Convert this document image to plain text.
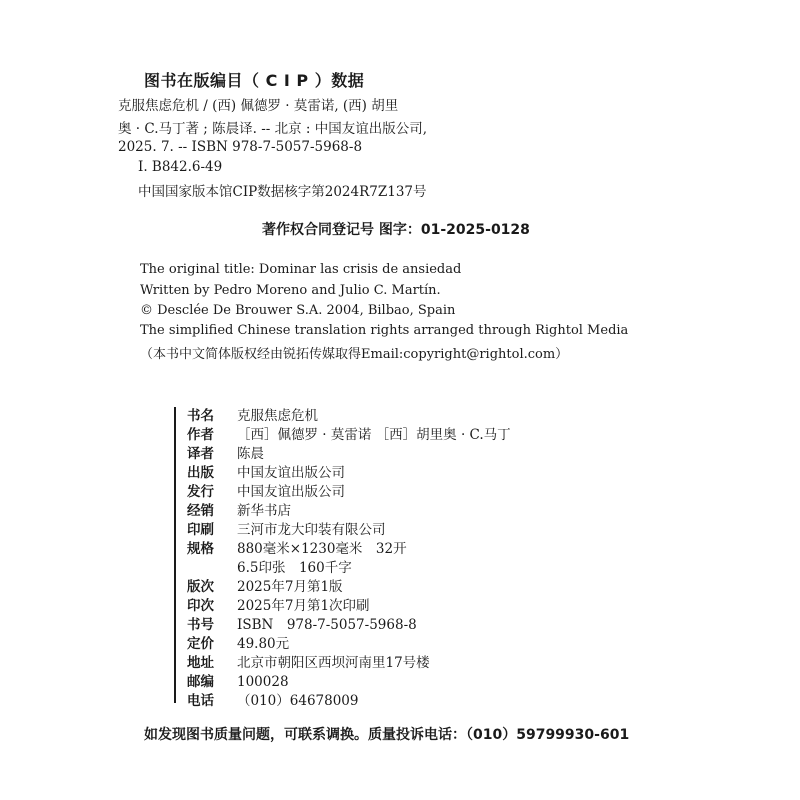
图书在版编目（ C I P ）数据
克服焦虑危机 / (西) 佩德罗 · 莫雷诺, (西) 胡里
奥 · C.马丁著 ; 陈晨译. -- 北京 : 中国友谊出版公司,
2025. 7. -- ISBN 978-7-5057-5968-8
Ⅰ. B842.6-49
中国国家版本馆CIP数据核字第2024R7Z137号
著作权合同登记号 图字：01-2025-0128
The original title: Dominar las crisis de ansiedad
Written by Pedro Moreno and Julio C. Martín.
© Desclée De Brouwer S.A. 2004, Bilbao, Spain
The simplified Chinese translation rights arranged through Rightol Media
（本书中文简体版权经由锐拓传媒取得Email:copyright@rightol.com）
书名 克服焦虑危机
作者 ［西］佩德罗 · 莫雷诺 ［西］胡里奥 · C.马丁
译者 陈晨
出版 中国友谊出版公司
发行 中国友谊出版公司
经销 新华书店
印刷 三河市龙大印装有限公司
规格 880毫米×1230毫米　32开
6.5印张　160千字
版次 2025年7月第1版
印次 2025年7月第1次印刷
书号 ISBN　978-7-5057-5968-8
定价 49.80元
地址 北京市朝阳区西坝河南里17号楼
邮编 100028
电话 （010）64678009
如发现图书质量问题，可联系调换。质量投诉电话：（010）59799930-601
